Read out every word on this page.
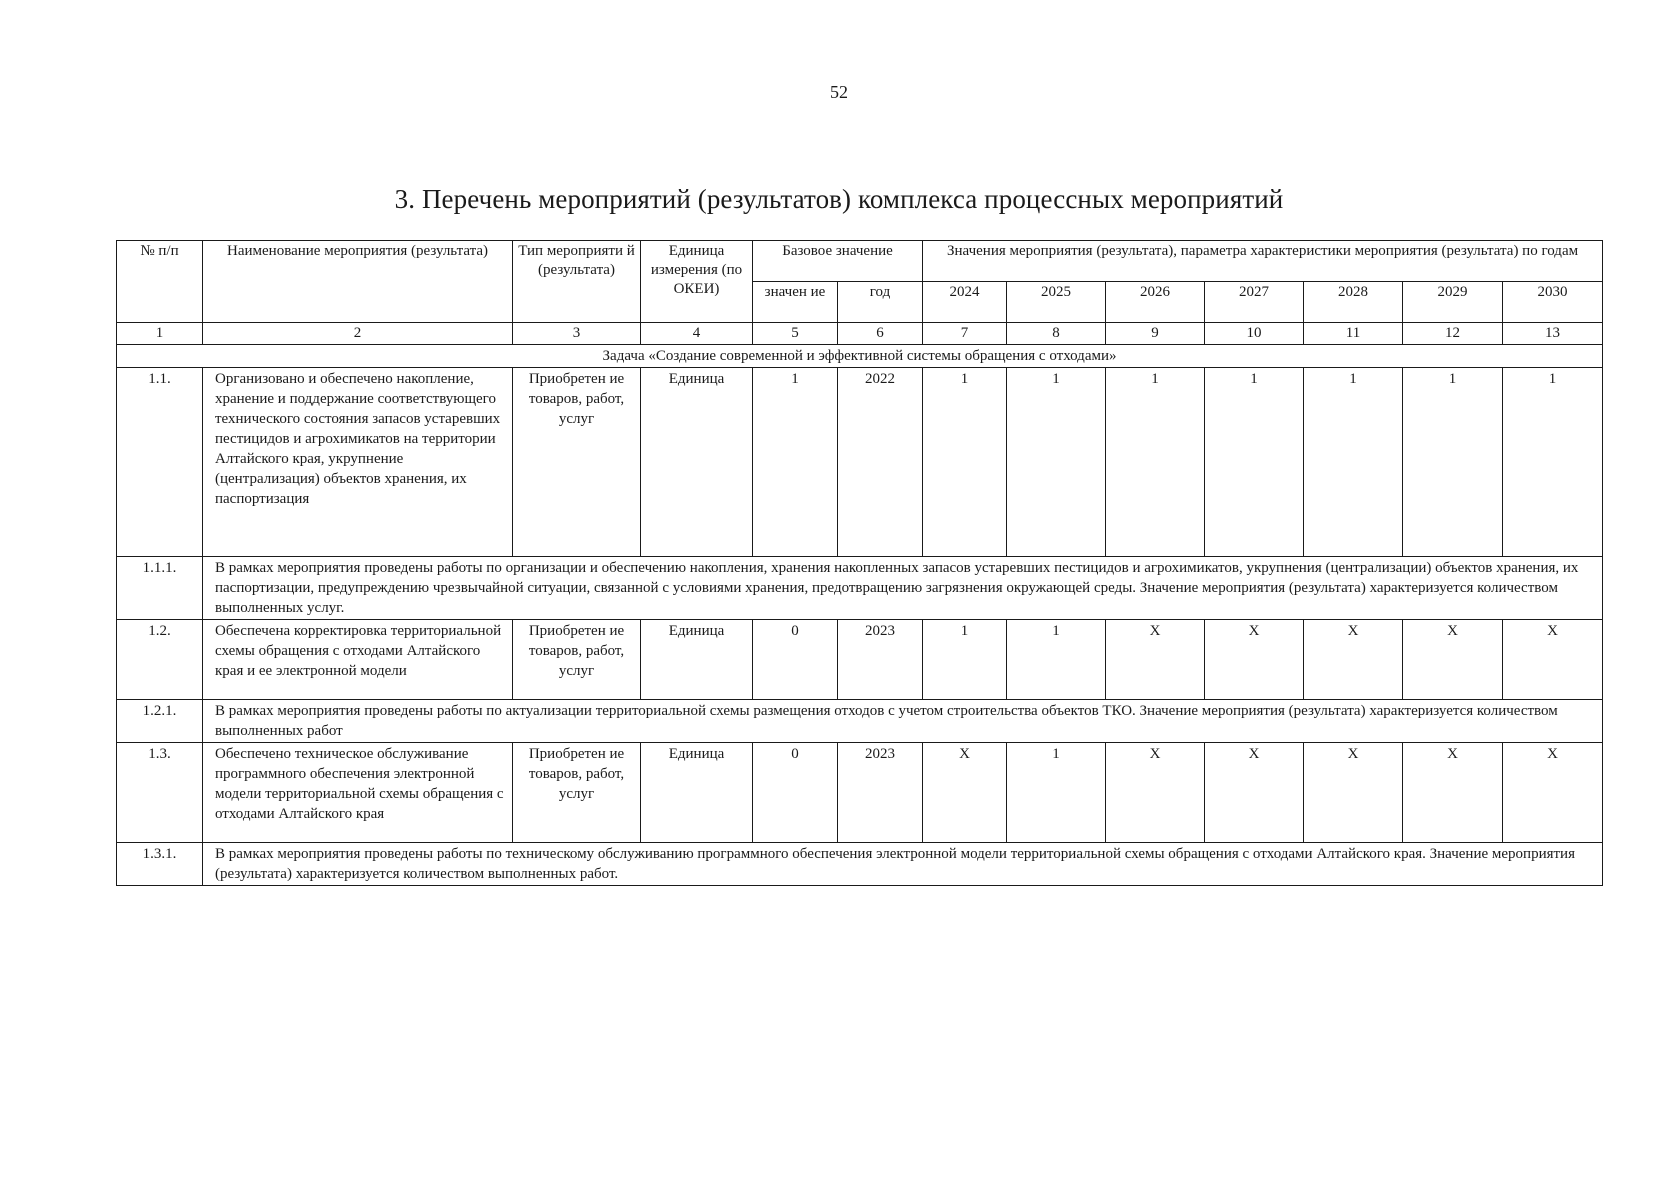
52
3. Перечень мероприятий (результатов) комплекса процессных мероприятий
№ п/п	Наименование мероприятия (результата)	Тип мероприяти й (результата)	Единица измерения (по ОКЕИ)	Базовое значение		Значения мероприятия (результата), параметра характеристики мероприятия (результата) по годам						
				значен ие	год	2024	2025	2026	2027	2028	2029	2030
1	2	3	4	5	6	7	8	9	10	11	12	13
Задача «Создание современной и эффективной системы обращения с отходами»												
1.1.	Организовано и обеспечено накопление, хранение и поддержание соответствующего технического состояния запасов устаревших пестицидов и агрохимикатов на территории Алтайского края, укрупнение (централизация) объектов хранения, их паспортизация	Приобретен ие товаров, работ, услуг	Единица	1	2022	1	1	1	1	1	1	1
1.1.1.	В рамках мероприятия проведены работы по организации и обеспечению накопления, хранения накопленных запасов устаревших пестицидов и агрохимикатов, укрупнения (централизации) объектов хранения, их паспортизации, предупреждению чрезвычайной ситуации, связанной с условиями хранения, предотвращению загрязнения окружающей среды. Значение мероприятия (результата) характеризуется количеством выполненных услуг.											
1.2.	Обеспечена корректировка территориальной схемы обращения с отходами Алтайского края и ее электронной модели	Приобретен ие товаров, работ, услуг	Единица	0	2023	1	1	Х	Х	Х	Х	Х
1.2.1.	В рамках мероприятия проведены работы по актуализации территориальной схемы размещения отходов с учетом строительства объектов ТКО. Значение мероприятия (результата) характеризуется количеством выполненных работ											
1.3.	Обеспечено техническое обслуживание программного обеспечения электронной модели территориальной схемы обращения с отходами Алтайского края	Приобретен ие товаров, работ, услуг	Единица	0	2023	Х	1	Х	Х	Х	Х	Х
1.3.1.	В рамках мероприятия проведены работы по техническому обслуживанию программного обеспечения электронной модели территориальной схемы обращения с отходами Алтайского края. Значение мероприятия (результата) характеризуется количеством выполненных работ.											
